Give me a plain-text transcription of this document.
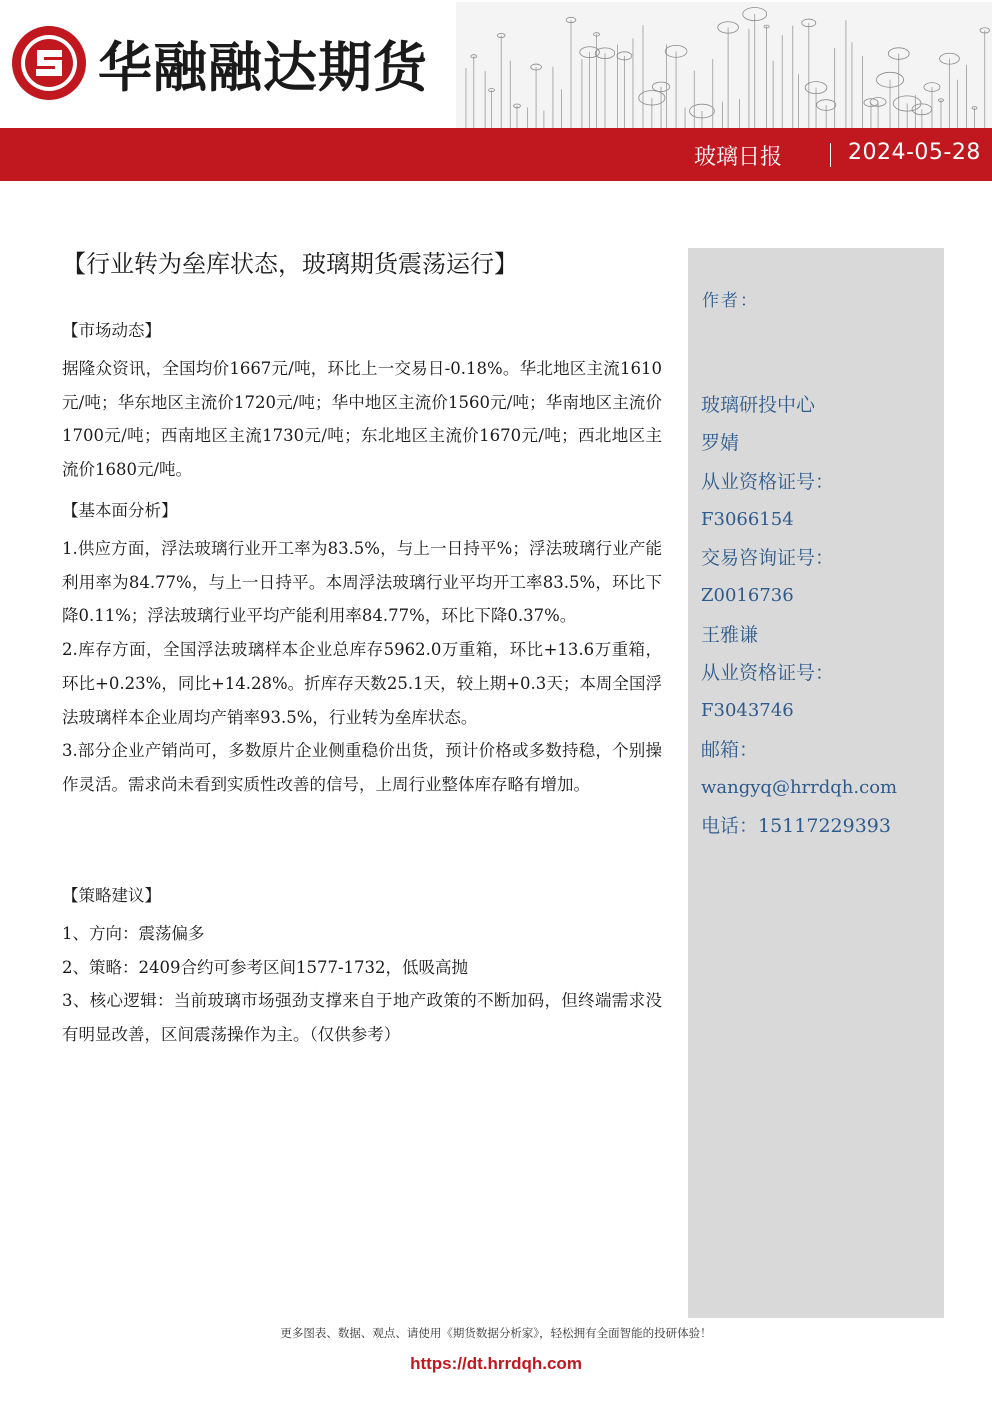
华融融达期货
玻璃日报	2024-05-28
作者：
玻璃研投中心
罗婧
从业资格证号：
F3066154
交易咨询证号：
Z0016736
王雅谦
从业资格证号：
F3043746
邮箱：
wangyq@hrrdqh.com
电话：15117229393
【行业转为垒库状态，玻璃期货震荡运行】
【市场动态】
据隆众资讯，全国均价1667元/吨，环比上一交易日-0.18%。华北地区主流1610元/吨；华东地区主流价1720元/吨；华中地区主流价1560元/吨；华南地区主流价1700元/吨；西南地区主流1730元/吨；东北地区主流价1670元/吨；西北地区主流价1680元/吨。
【基本面分析】
1.供应方面，浮法玻璃行业开工率为83.5%，与上一日持平%；浮法玻璃行业产能利用率为84.77%，与上一日持平。本周浮法玻璃行业平均开工率83.5%，环比下降0.11%；浮法玻璃行业平均产能利用率84.77%，环比下降0.37%。
2.库存方面，全国浮法玻璃样本企业总库存5962.0万重箱，环比+13.6万重箱，环比+0.23%，同比+14.28%。折库存天数25.1天，较上期+0.3天；本周全国浮法玻璃样本企业周均产销率93.5%，行业转为垒库状态。
3.部分企业产销尚可，多数原片企业侧重稳价出货，预计价格或多数持稳，个别操作灵活。需求尚未看到实质性改善的信号，上周行业整体库存略有增加。
【策略建议】
1、方向：震荡偏多
2、策略：2409合约可参考区间1577-1732，低吸高抛
3、核心逻辑：当前玻璃市场强劲支撑来自于地产政策的不断加码，但终端需求没有明显改善，区间震荡操作为主。（仅供参考）
更多图表、数据、观点、请使用《期货数据分析家》，轻松拥有全面智能的投研体验！
https://dt.hrrdqh.com
